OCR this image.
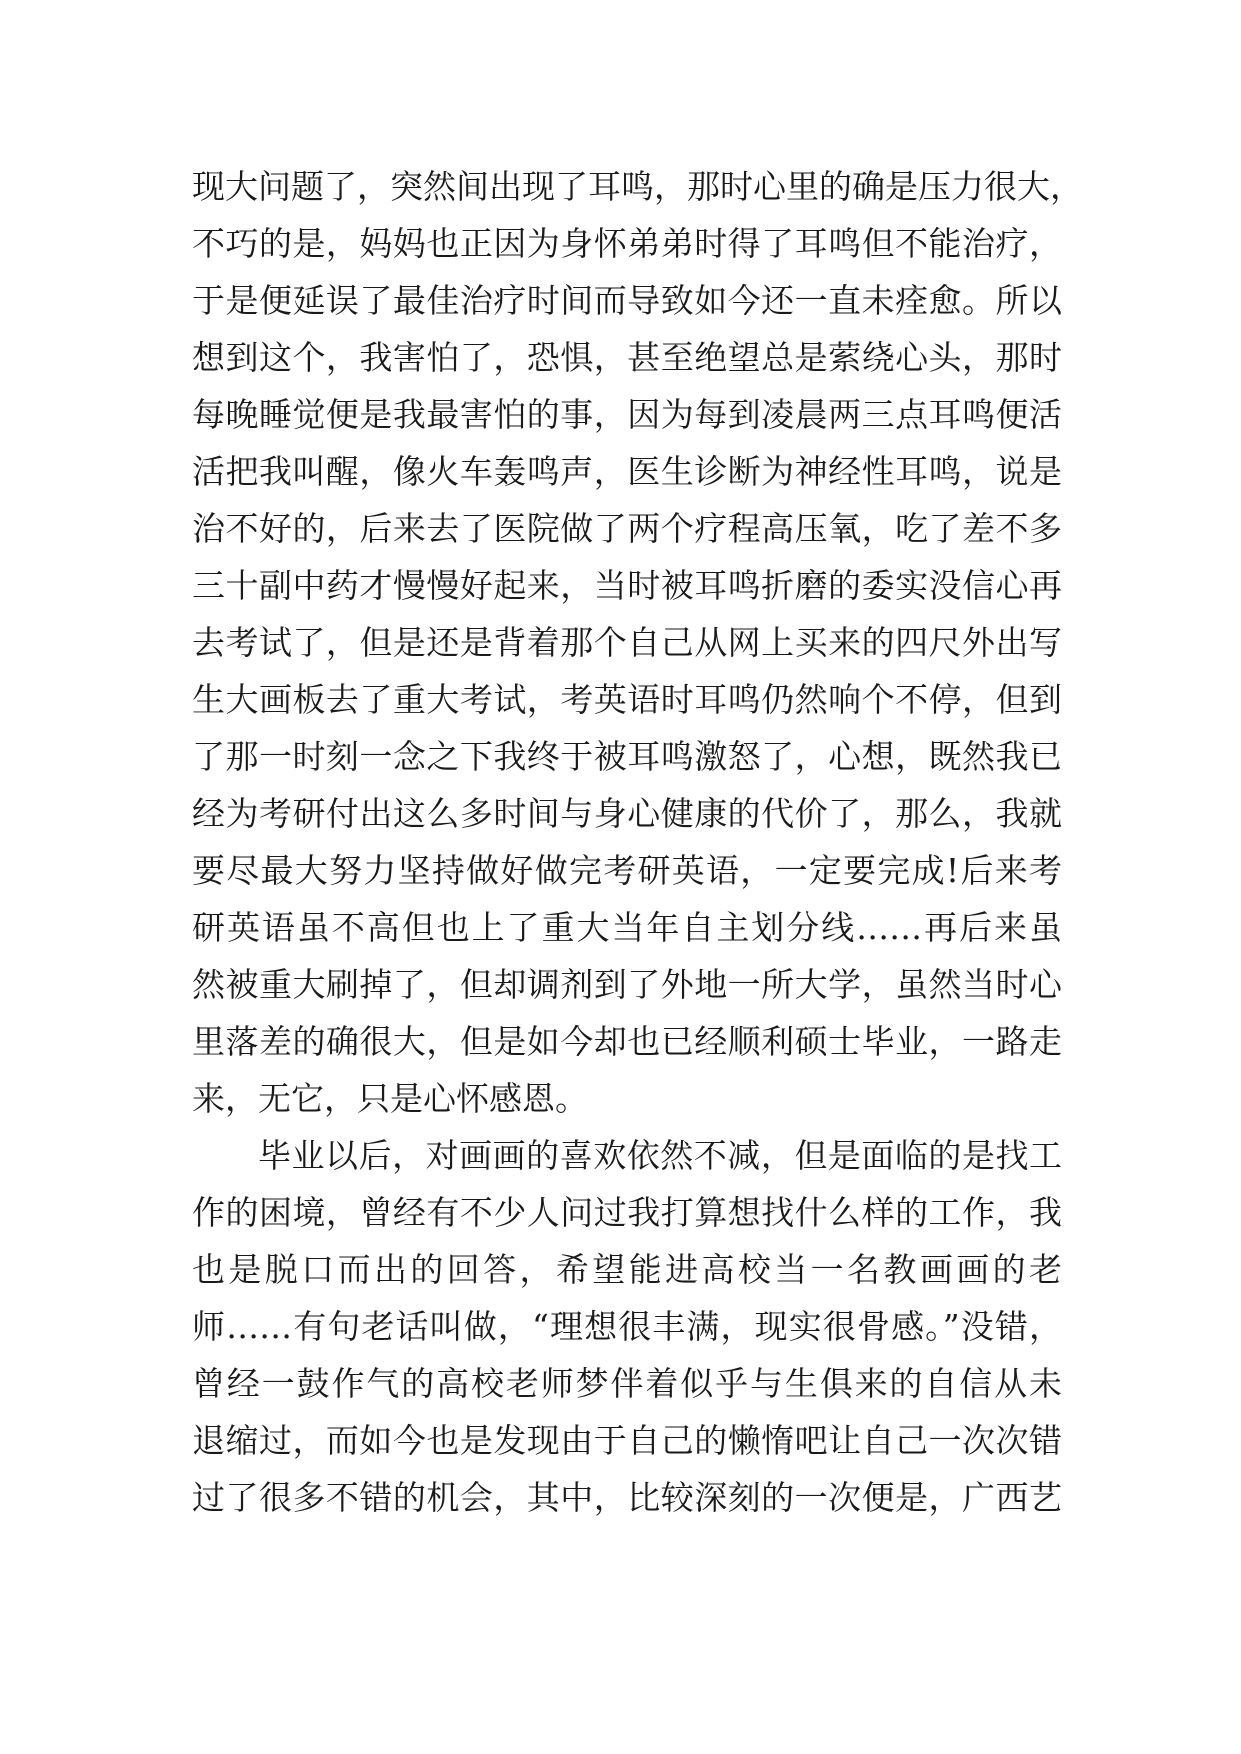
现大问题了，突然间出现了耳鸣，那时心里的确是压力很大，
不巧的是，妈妈也正因为身怀弟弟时得了耳鸣但不能治疗，
于是便延误了最佳治疗时间而导致如今还一直未痊愈。所以
想到这个，我害怕了，恐惧，甚至绝望总是萦绕心头，那时
每晚睡觉便是我最害怕的事，因为每到凌晨两三点耳鸣便活
活把我叫醒，像火车轰鸣声，医生诊断为神经性耳鸣，说是
治不好的，后来去了医院做了两个疗程高压氧，吃了差不多
三十副中药才慢慢好起来，当时被耳鸣折磨的委实没信心再
去考试了，但是还是背着那个自己从网上买来的四尺外出写
生大画板去了重大考试，考英语时耳鸣仍然响个不停，但到
了那一时刻一念之下我终于被耳鸣激怒了，心想，既然我已
经为考研付出这么多时间与身心健康的代价了，那么，我就
要尽最大努力坚持做好做完考研英语，一定要完成!后来考
研英语虽不高但也上了重大当年自主划分线……再后来虽
然被重大刷掉了，但却调剂到了外地一所大学，虽然当时心
里落差的确很大，但是如今却也已经顺利硕士毕业，一路走
来，无它，只是心怀感恩。
毕业以后，对画画的喜欢依然不减，但是面临的是找工
作的困境，曾经有不少人问过我打算想找什么样的工作，我
也是脱口而出的回答，希望能进高校当一名教画画的老
师……有句老话叫做，“理想很丰满，现实很骨感。”没错，
曾经一鼓作气的高校老师梦伴着似乎与生俱来的自信从未
退缩过，而如今也是发现由于自己的懒惰吧让自己一次次错
过了很多不错的机会，其中，比较深刻的一次便是，广西艺
